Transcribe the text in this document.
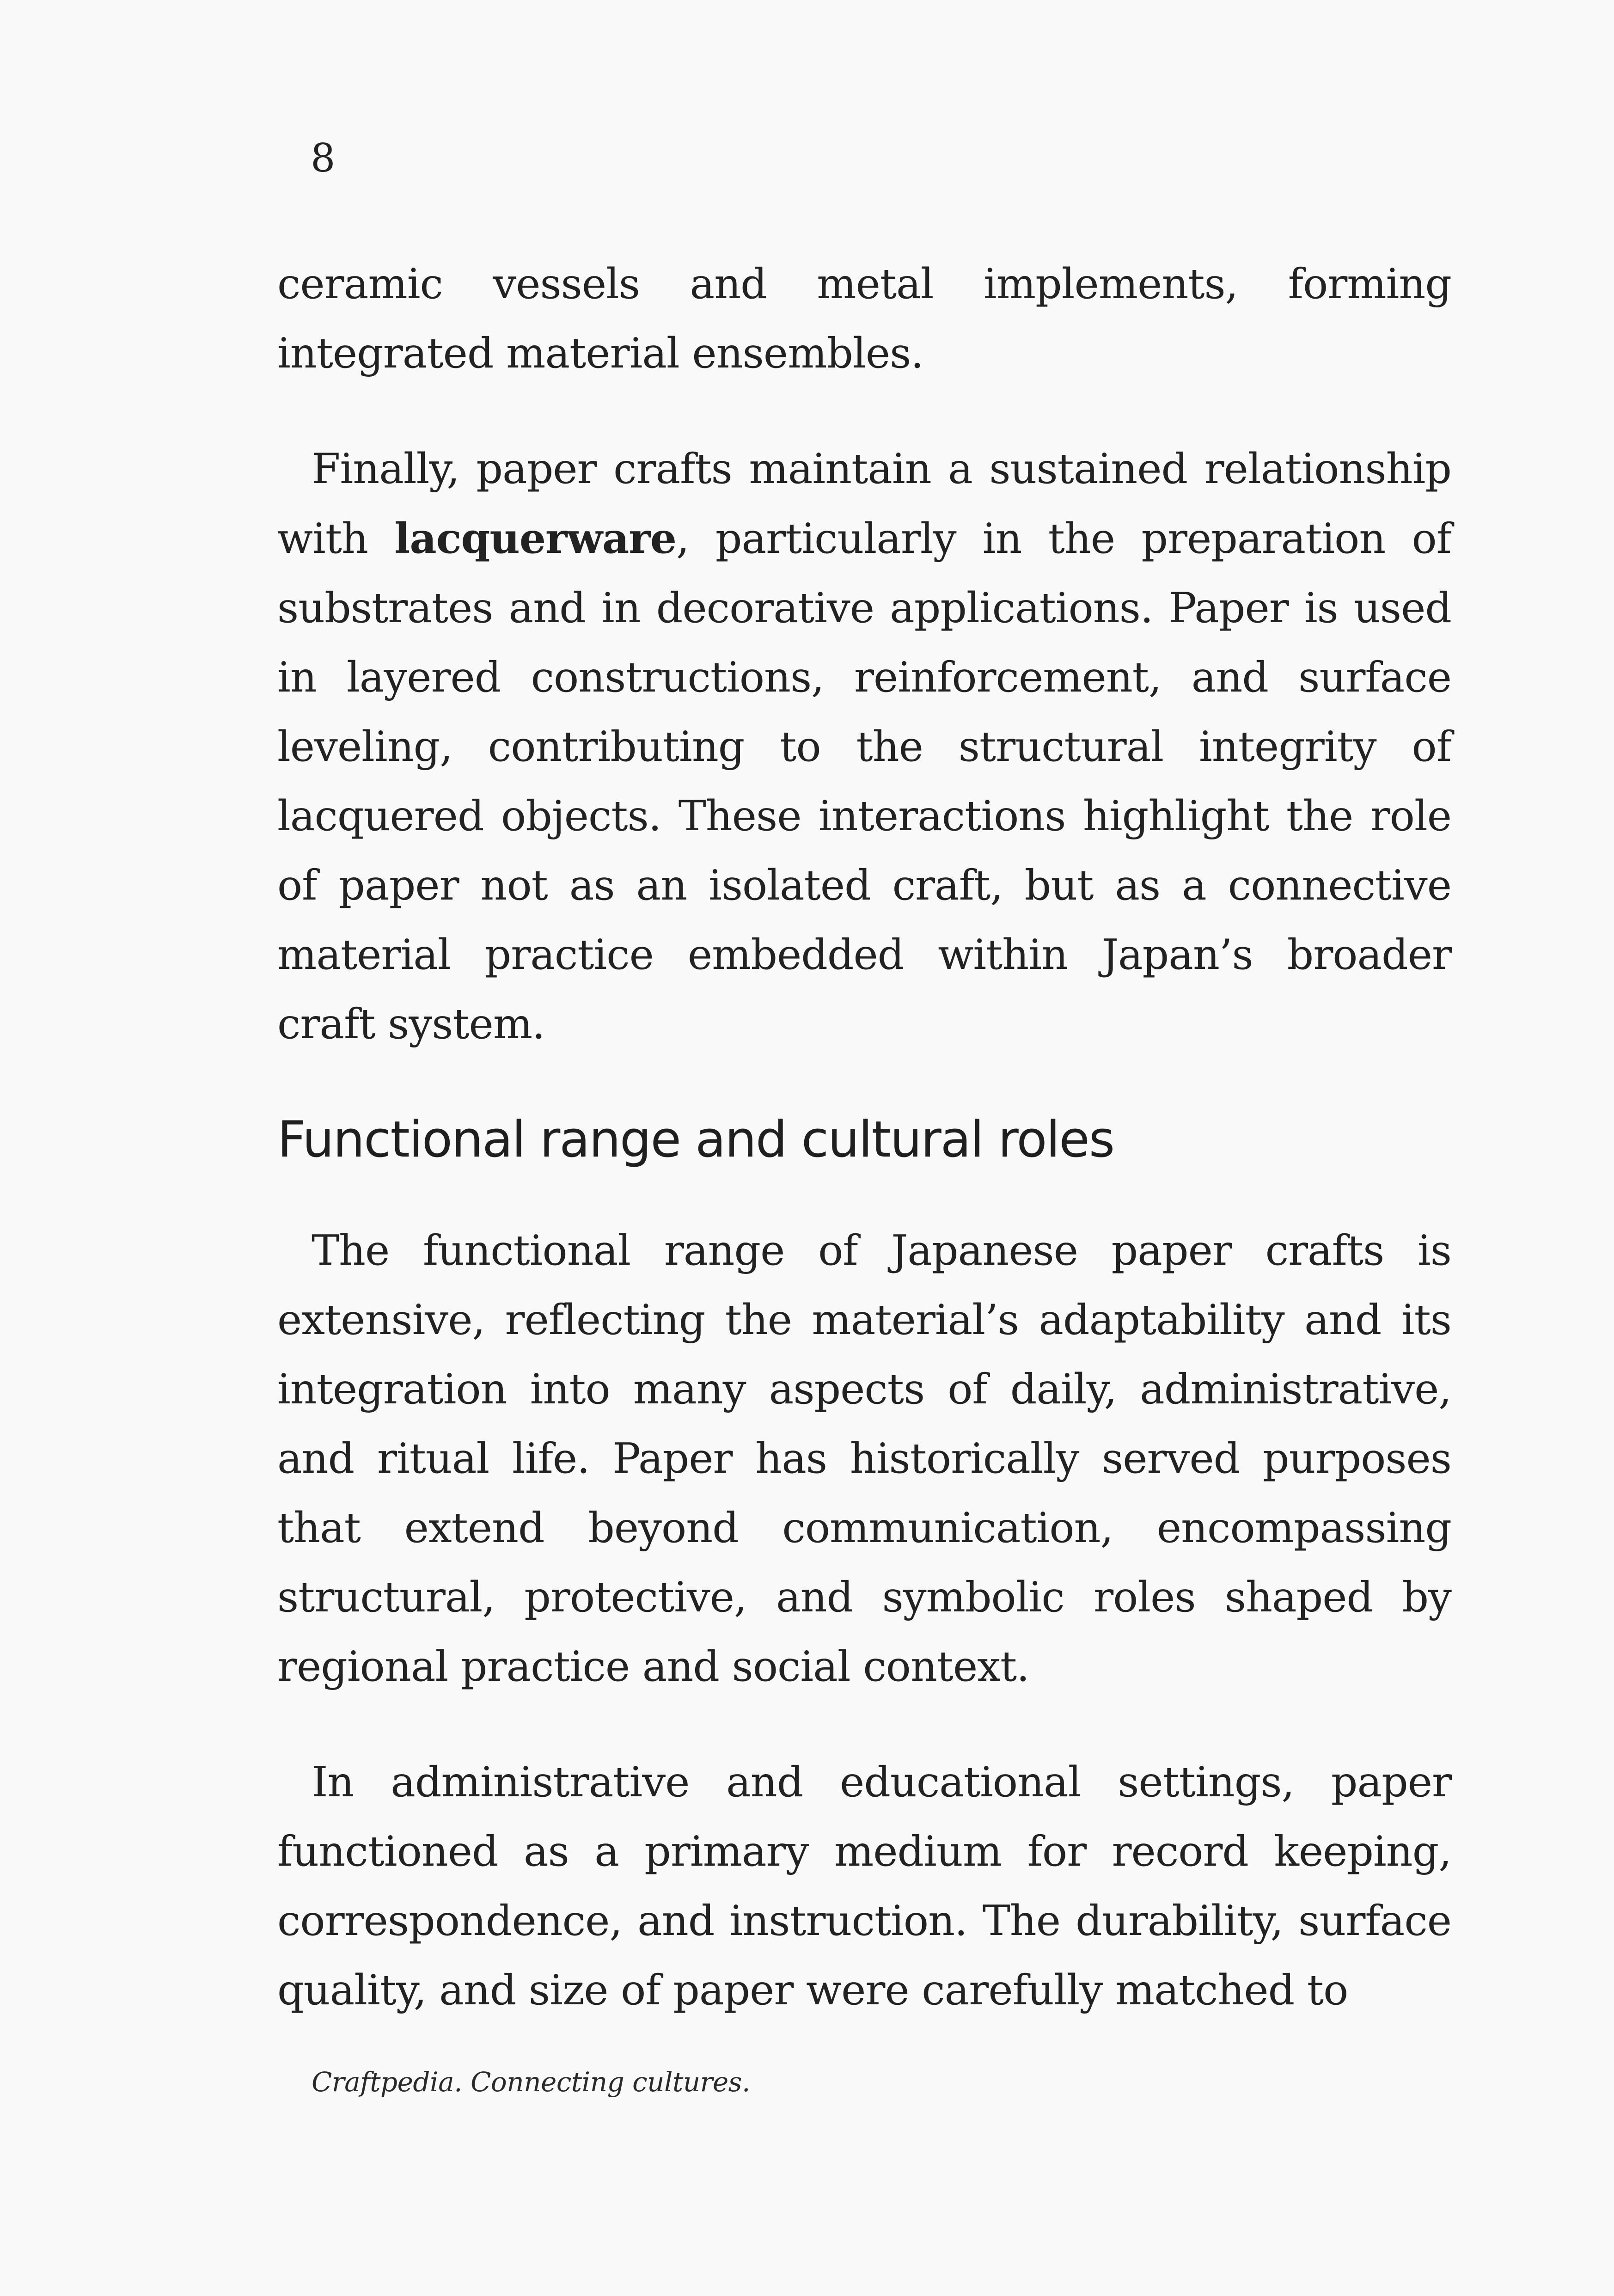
8

ceramic vessels and metal implements, forming integrated material ensembles.

Finally, paper crafts maintain a sustained relationship with lacquerware, particularly in the preparation of substrates and in decorative applications. Paper is used in layered constructions, reinforcement, and surface leveling, contributing to the structural integrity of lacquered objects. These interactions highlight the role of paper not as an isolated craft, but as a connective material practice embedded within Japan’s broader craft system.

Functional range and cultural roles

The functional range of Japanese paper crafts is extensive, reflecting the material’s adaptability and its integration into many aspects of daily, administrative, and ritual life. Paper has historically served purposes that extend beyond communication, encompassing structural, protective, and symbolic roles shaped by regional practice and social context.

In administrative and educational settings, paper functioned as a primary medium for record keeping, correspondence, and instruction. The durability, surface quality, and size of paper were carefully matched to

Craftpedia. Connecting cultures.
